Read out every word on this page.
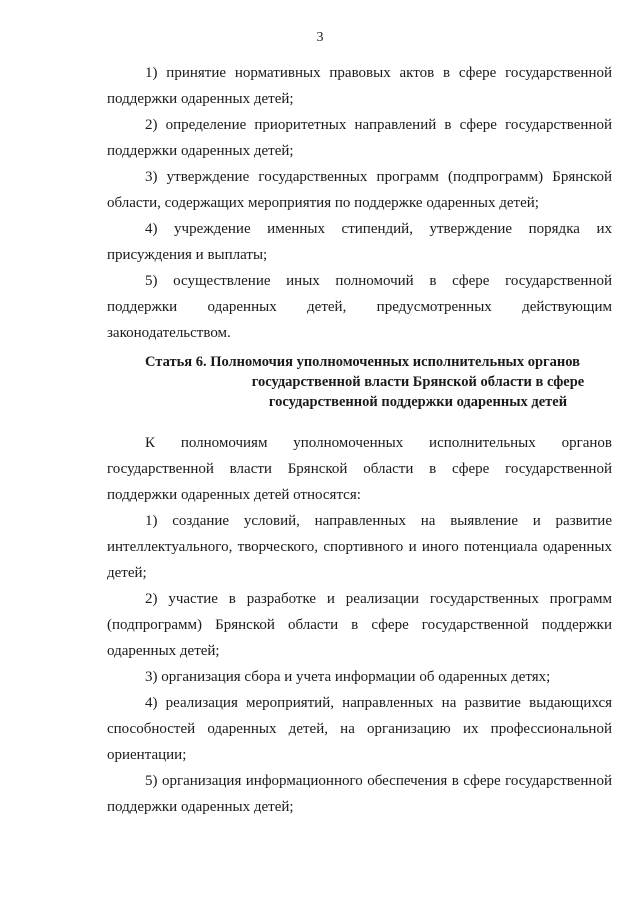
3

1) принятие нормативных правовых актов в сфере государственной поддержки одаренных детей;

2) определение приоритетных направлений в сфере государственной поддержки одаренных детей;

3) утверждение государственных программ (подпрограмм) Брянской области, содержащих мероприятия по поддержке одаренных детей;

4) учреждение именных стипендий, утверждение порядка их присуждения и выплаты;

5) осуществление иных полномочий в сфере государственной поддержки одаренных детей, предусмотренных действующим законодательством.

Статья 6. Полномочия уполномоченных исполнительных органов
государственной власти Брянской области в сфере государственной поддержки одаренных детей

К полномочиям уполномоченных исполнительных органов государственной власти Брянской области в сфере государственной поддержки одаренных детей относятся:

1) создание условий, направленных на выявление и развитие интеллектуального, творческого, спортивного и иного потенциала одаренных детей;

2) участие в разработке и реализации государственных программ (подпрограмм) Брянской области в сфере государственной поддержки одаренных детей;

3) организация сбора и учета информации об одаренных детях;

4) реализация мероприятий, направленных на развитие выдающихся способностей одаренных детей, на организацию их профессиональной ориентации;

5) организация информационного обеспечения в сфере государственной поддержки одаренных детей;
